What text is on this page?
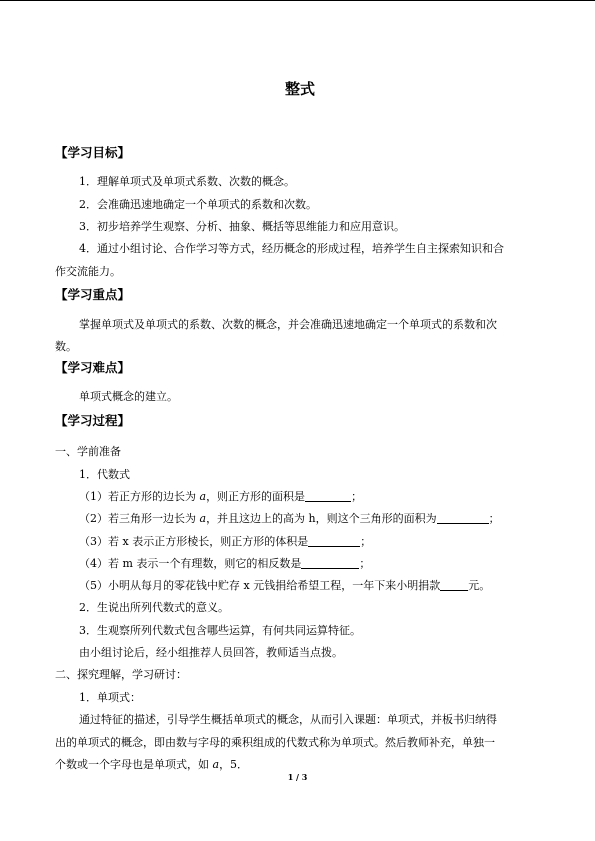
整式
【学习目标】
1．理解单项式及单项式系数、次数的概念。
2．会准确迅速地确定一个单项式的系数和次数。
3．初步培养学生观察、分析、抽象、概括等思维能力和应用意识。
4．通过小组讨论、合作学习等方式，经历概念的形成过程，培养学生自主探索知识和合
作交流能力。
【学习重点】
掌握单项式及单项式的系数、次数的概念，并会准确迅速地确定一个单项式的系数和次
数。
【学习难点】
单项式概念的建立。
【学习过程】
一、学前准备
1．代数式
（1）若正方形的边长为 a，则正方形的面积是	；
（2）若三角形一边长为 a，并且这边上的高为 h，则这个三角形的面积为	；
（3）若 x 表示正方形棱长，则正方形的体积是	；
（4）若 m 表示一个有理数，则它的相反数是	；
（5）小明从每月的零花钱中贮存 x 元钱捐给希望工程，一年下来小明捐款	元。
2．生说出所列代数式的意义。
3．生观察所列代数式包含哪些运算，有何共同运算特征。
由小组讨论后，经小组推荐人员回答，教师适当点拨。
二、探究理解，学习研讨：
1．单项式：
通过特征的描述，引导学生概括单项式的概念，从而引入课题：单项式，并板书归纳得
出的单项式的概念，即由数与字母的乘积组成的代数式称为单项式。然后教师补充，单独一
个数或一个字母也是单项式，如 a，5．
1 / 3
